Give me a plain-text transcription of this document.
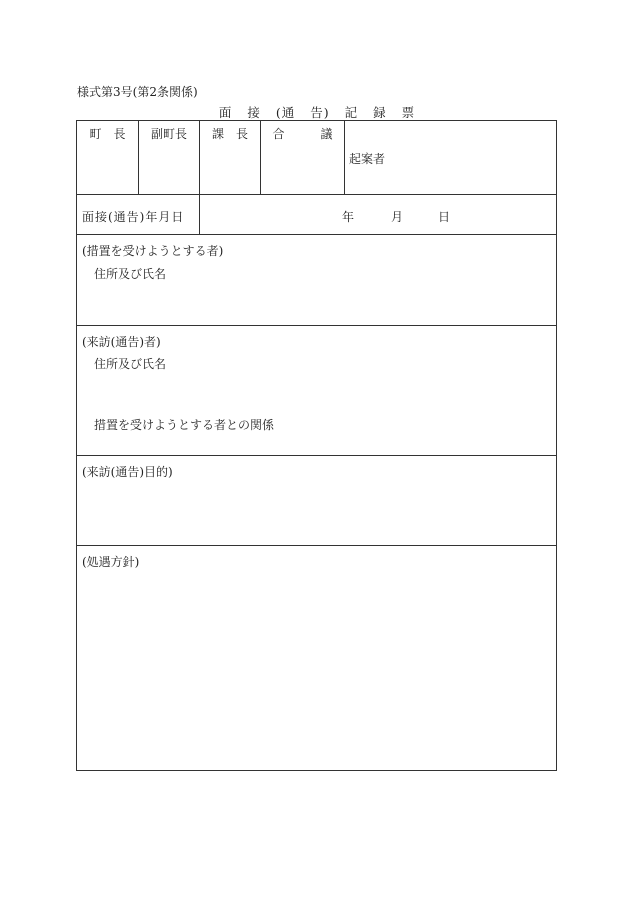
様式第3号(第2条関係)
面 接 (通 告) 記 録 票
町　長	副町長	課　長	合　　　議
起案者
面接(通告)年月日	年	月	日
(措置を受けようとする者)
住所及び氏名
(来訪(通告)者)
住所及び氏名
措置を受けようとする者との関係
(来訪(通告)目的)
(処遇方針)
